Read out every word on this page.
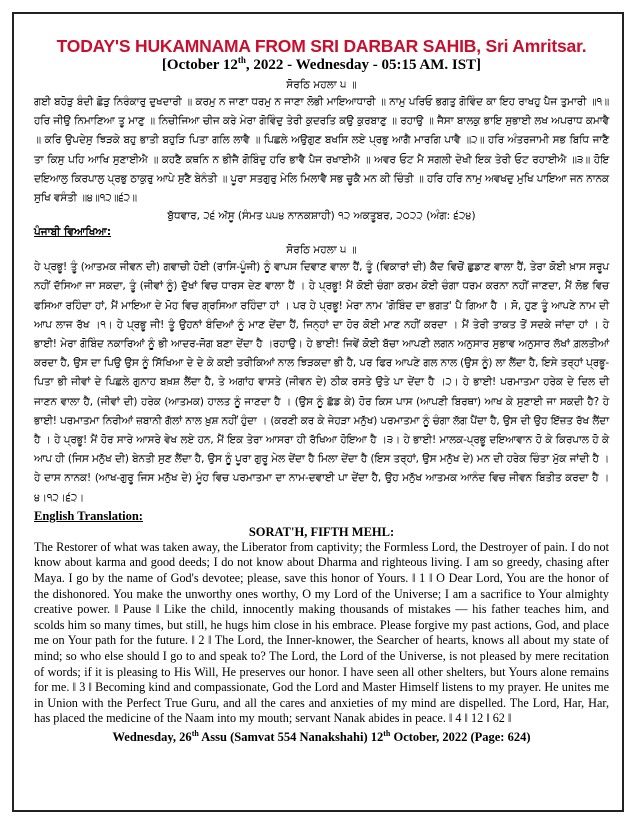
TODAY'S HUKAMNAMA FROM SRI DARBAR SAHIB, Sri Amritsar.
[October 12th, 2022 - Wednesday - 05:15 AM. IST]
ਸੋਰਠਿ ਮਹਲਾ ੫ ॥
ਗਈ ਬਹੋੜੁ ਬੰਦੀ ਛੋੜੁ ਨਿਰੰਕਾਰੁ ਦੁਖਦਾਰੀ ॥ ਕਰਮੁ ਨ ਜਾਣਾ ਧਰਮੁ ਨ ਜਾਣਾ ਲੋਭੀ ਮਾਇਆਧਾਰੀ ॥ ਨਾਮੁ ਪਰਿਓ ਭਗਤੁ ਗੋਵਿੰਦ ਕਾ ਇਹ ਰਾਖਹੁ ਪੈਜ ਤੁਮਾਰੀ ॥੧॥ ਹਰਿ ਜੀਉ ਨਿਮਾਣਿਆ ਤੂ ਮਾਣੁ ॥ ਨਿਚੀਜਿਆ ਚੀਜ ਕਰੇ ਮੇਰਾ ਗੋਵਿੰਦੁ ਤੇਰੀ ਕੁਦਰਤਿ ਕਉ ਕੁਰਬਾਣੁ ॥ ਰਹਾਉ ॥ ਜੈਸਾ ਬਾਲਕੁ ਭਾਇ ਸੁਭਾਈ ਲਖ ਅਪਰਾਧ ਕਮਾਵੈ ॥ ਕਰਿ ਉਪਦੇਸੁ ਝਿੜਕੇ ਬਹੁ ਭਾਤੀ ਬਹੁੜਿ ਪਿਤਾ ਗਲਿ ਲਾਵੈ ॥ ਪਿਛਲੇ ਅਉਗੁਣ ਬਖਸਿ ਲਏ ਪ੍ਰਭੁ ਆਗੈ ਮਾਰਗਿ ਪਾਵੈ ॥੨॥ ਹਰਿ ਅੰਤਰਜਾਮੀ ਸਭ ਬਿਧਿ ਜਾਣੈ ਤਾ ਕਿਸੁ ਪਹਿ ਆਖਿ ਸੁਣਾਈਐ ॥ ਕਹਣੈ ਕਥਨਿ ਨ ਭੀਜੈ ਗੋਬਿੰਦੁ ਹਰਿ ਭਾਵੈ ਪੈਜ ਰਖਾਈਐ ॥ ਅਵਰ ਓਟ ਮੈ ਸਗਲੀ ਦੇਖੀ ਇਕ ਤੇਰੀ ਓਟ ਰਹਾਈਐ ॥੩॥ ਹੋਇ ਦਇਆਲੁ ਕਿਰਪਾਲੁ ਪ੍ਰਭੁ ਠਾਕੁਰੁ ਆਪੇ ਸੁਣੈ ਬੇਨੰਤੀ ॥ ਪੂਰਾ ਸਤਗੁਰੁ ਮੇਲਿ ਮਿਲਾਵੈ ਸਭ ਚੂਕੈ ਮਨ ਕੀ ਚਿੰਤੀ ॥ ਹਰਿ ਹਰਿ ਨਾਮੁ ਅਵਖਦੁ ਮੁਖਿ ਪਾਇਆ ਜਨ ਨਾਨਕ ਸੁਖਿ ਵਸੰਤੀ ॥੪॥੧੨॥੬੨॥
ਬੁੱਧਵਾਰ, ੨੬ ਅੱਸੂ (ਸੰਮਤ ੫੫੪ ਨਾਨਕਸ਼ਾਹੀ) ੧੨ ਅਕਤੂਬਰ, ੨੦੨੨ (ਅੰਗ: ੬੨੪)
ਪੰਜਾਬੀ ਵਿਆਖਿਆ:
ਸੋਰਠਿ ਮਹਲਾ ੫ ॥
ਹੇ ਪ੍ਰਭੂ! ਤੂੰ (ਆਤਮਕ ਜੀਵਨ ਦੀ) ਗਵਾਚੀ ਹੋਈ (ਰਾਸਿ-ਪੂੰਜੀ) ਨੂੰ ਵਾਪਸ ਦਿਵਾਣ ਵਾਲਾ ਹੈਂ, ਤੂੰ (ਵਿਕਾਰਾਂ ਦੀ) ਕੈਦ ਵਿਚੋਂ ਛੁਡਾਣ ਵਾਲਾ ਹੈਂ, ਤੇਰਾ ਕੋਈ ਖ਼ਾਸ ਸਰੂਪ ਨਹੀਂ ਦੱਸਿਆ ਜਾ ਸਕਦਾ, ਤੂੰ (ਜੀਵਾਂ ਨੂੰ) ਦੁੱਖਾਂ ਵਿਚ ਧਾਰਸ ਦੇਣ ਵਾਲਾ ਹੈਂ । ਹੇ ਪ੍ਰਭੂ! ਮੈਂ ਕੋਈ ਚੰਗਾ ਕਰਮ ਕੋਈ ਚੰਗਾ ਧਰਮ ਕਰਨਾ ਨਹੀਂ ਜਾਣਦਾ, ਮੈਂ ਲੋਭ ਵਿਚ ਫਸਿਆ ਰਹਿੰਦਾ ਹਾਂ, ਮੈਂ ਮਾਇਆ ਦੇ ਮੋਹ ਵਿਚ ਗ੍ਰਸਿਆ ਰਹਿੰਦਾ ਹਾਂ । ਪਰ ਹੇ ਪ੍ਰਭੂ! ਮੇਰਾ ਨਾਮ 'ਗੋਬਿੰਦ ਦਾ ਭਗਤ' ਪੈ ਗਿਆ ਹੈ । ਸੋ, ਹੁਣ ਤੂੰ ਆਪਣੇ ਨਾਮ ਦੀ ਆਪ ਲਾਜ ਰੱਖ ।੧। ਹੇ ਪ੍ਰਭੂ ਜੀ! ਤੂੰ ਉਹਨਾਂ ਬੰਦਿਆਂ ਨੂੰ ਮਾਣ ਦੇਂਦਾ ਹੈਂ, ਜਿਨ੍ਹਾਂ ਦਾ ਹੋਰ ਕੋਈ ਮਾਣ ਨਹੀਂ ਕਰਦਾ । ਮੈਂ ਤੇਰੀ ਤਾਕਤ ਤੋਂ ਸਦਕੇ ਜਾਂਦਾ ਹਾਂ । ਹੇ ਭਾਈ! ਮੇਰਾ ਗੋਬਿੰਦ ਨਕਾਰਿਆਂ ਨੂੰ ਭੀ ਆਦਰ-ਜੋਗ ਬਣਾ ਦੇਂਦਾ ਹੈ ।ਰਹਾਉ। ਹੇ ਭਾਈ! ਜਿਵੇਂ ਕੋਈ ਬੱਚਾ ਆਪਣੀ ਲਗਨ ਅਨੁਸਾਰ ਸੁਭਾਵ ਅਨੁਸਾਰ ਲੱਖਾਂ ਗ਼ਲਤੀਆਂ ਕਰਦਾ ਹੈ, ਉਸ ਦਾ ਪਿਉ ਉਸ ਨੂੰ ਸਿੱਖਿਆ ਦੇ ਦੇ ਕੇ ਕਈ ਤਰੀਕਿਆਂ ਨਾਲ ਝਿੜਕਦਾ ਭੀ ਹੈ, ਪਰ ਫਿਰ ਆਪਣੇ ਗਲ ਨਾਲ (ਉਸ ਨੂੰ) ਲਾ ਲੈਂਦਾ ਹੈ, ਇਸੇ ਤਰ੍ਹਾਂ ਪ੍ਰਭੂ-ਪਿਤਾ ਭੀ ਜੀਵਾਂ ਦੇ ਪਿਛਲੇ ਗੁਨਾਹ ਬਖ਼ਸ਼ ਲੈਂਦਾ ਹੈ, ਤੇ ਅਗਾਂਹ ਵਾਸਤੇ (ਜੀਵਨ ਦੇ) ਠੀਕ ਰਸਤੇ ਉਤੇ ਪਾ ਦੇਂਦਾ ਹੈ ।੨। ਹੇ ਭਾਈ! ਪਰਮਾਤਮਾ ਹਰੇਕ ਦੇ ਦਿਲ ਦੀ ਜਾਣਨ ਵਾਲਾ ਹੈ, (ਜੀਵਾਂ ਦੀ) ਹਰੇਕ (ਆਤਮਕ) ਹਾਲਤ ਨੂੰ ਜਾਣਦਾ ਹੈ । (ਉਸ ਨੂੰ ਛੱਡ ਕੇ) ਹੋਰ ਕਿਸ ਪਾਸ (ਆਪਣੀ ਬਿਰਥਾ) ਆਖ ਕੇ ਸੁਣਾਈ ਜਾ ਸਕਦੀ ਹੈ? ਹੇ ਭਾਈ! ਪਰਮਾਤਮਾ ਨਿਰੀਆਂ ਜ਼ਬਾਨੀ ਗੱਲਾਂ ਨਾਲ ਖ਼ੁਸ਼ ਨਹੀਂ ਹੁੰਦਾ । (ਕਰਣੀ ਕਰ ਕੇ ਜੇਹੜਾ ਮਨੁੱਖ) ਪਰਮਾਤਮਾ ਨੂੰ ਚੰਗਾ ਲੱਗ ਪੈਂਦਾ ਹੈ, ਉਸ ਦੀ ਉਹ ਇੱਜ਼ਤ ਰੱਖ ਲੈਂਦਾ ਹੈ । ਹੇ ਪ੍ਰਭੂ! ਮੈਂ ਹੋਰ ਸਾਰੇ ਆਸਰੇ ਵੇਖ ਲਏ ਹਨ, ਮੈਂ ਇਕ ਤੇਰਾ ਆਸਰਾ ਹੀ ਰੱਖਿਆ ਹੋਇਆ ਹੈ ।੩। ਹੇ ਭਾਈ! ਮਾਲਕ-ਪ੍ਰਭੂ ਦਇਆਵਾਨ ਹੋ ਕੇ ਕਿਰਪਾਲ ਹੋ ਕੇ ਆਪ ਹੀ (ਜਿਸ ਮਨੁੱਖ ਦੀ) ਬੇਨਤੀ ਸੁਣ ਲੈਂਦਾ ਹੈ, ਉਸ ਨੂੰ ਪੂਰਾ ਗੁਰੂ ਮੇਲ ਦੇਂਦਾ ਹੈ ਮਿਲਾ ਦੇਂਦਾ ਹੈ (ਇਸ ਤਰ੍ਹਾਂ, ਉਸ ਮਨੁੱਖ ਦੇ) ਮਨ ਦੀ ਹਰੇਕ ਚਿੰਤਾ ਮੁੱਕ ਜਾਂਦੀ ਹੈ । ਹੇ ਦਾਸ ਨਾਨਕ! (ਆਖ-ਗੁਰੂ ਜਿਸ ਮਨੁੱਖ ਦੇ) ਮੂੰਹ ਵਿਚ ਪਰਮਾਤਮਾ ਦਾ ਨਾਮ-ਦਵਾਈ ਪਾ ਦੇਂਦਾ ਹੈ, ਉਹ ਮਨੁੱਖ ਆਤਮਕ ਆਨੰਦ ਵਿਚ ਜੀਵਨ ਬਿਤੀਤ ਕਰਦਾ ਹੈ ।੪।੧੨।੬੨।
English Translation:
SORAT'H, FIFTH MEHL:
The Restorer of what was taken away, the Liberator from captivity; the Formless Lord, the Destroyer of pain. I do not know about karma and good deeds; I do not know about Dharma and righteous living. I am so greedy, chasing after Maya. I go by the name of God's devotee; please, save this honor of Yours. ‖ 1 ‖ O Dear Lord, You are the honor of the dishonored. You make the unworthy ones worthy, O my Lord of the Universe; I am a sacrifice to Your almighty creative power. ‖ Pause ‖ Like the child, innocently making thousands of mistakes — his father teaches him, and scolds him so many times, but still, he hugs him close in his embrace. Please forgive my past actions, God, and place me on Your path for the future. ‖ 2 ‖ The Lord, the Inner-knower, the Searcher of hearts, knows all about my state of mind; so who else should I go to and speak to? The Lord, the Lord of the Universe, is not pleased by mere recitation of words; if it is pleasing to His Will, He preserves our honor. I have seen all other shelters, but Yours alone remains for me. ‖ 3 ‖ Becoming kind and compassionate, God the Lord and Master Himself listens to my prayer. He unites me in Union with the Perfect True Guru, and all the cares and anxieties of my mind are dispelled. The Lord, Har, Har, has placed the medicine of the Naam into my mouth; servant Nanak abides in peace. ‖ 4 ‖ 12 ‖ 62 ‖
Wednesday, 26th Assu (Samvat 554 Nanakshahi) 12th October, 2022 (Page: 624)
